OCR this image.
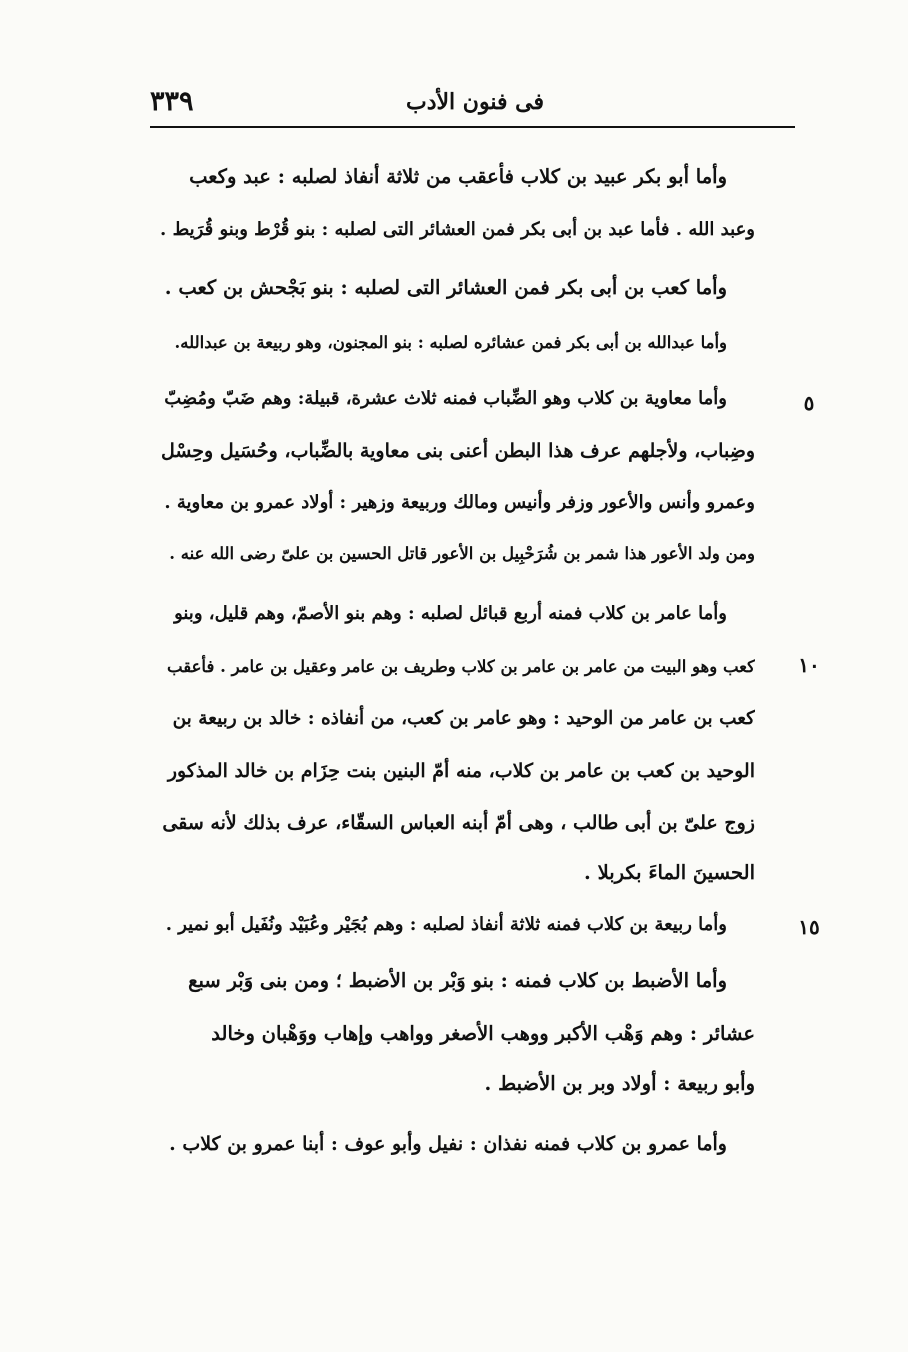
٣٣٩	فى فنون الأدب
٥
١٠
١٥
وأما أبو بكر عبيد بن كلاب فأعقب من ثلاثة أنفاذ لصلبه : عبد وكعب
وعبد الله . فأما عبد بن أبى بكر فمن العشائر التى لصلبه : بنو قُرْط وبنو قُرَيط .
وأما كعب بن أبى بكر فمن العشائر التى لصلبه : بنو بَجْحش بن كعب .
وأما عبدالله بن أبى بكر فمن عشائره لصلبه : بنو المجنون، وهو ربيعة بن عبدالله.
وأما معاوية بن كلاب وهو الضِّباب فمنه ثلاث عشرة، قبيلة: وهم ضَبّ ومُضِبّ
وضِباب، ولأجلهم عرف هذا البطن أعنى بنى معاوية بالضِّباب، وحُسَيل وحِسْل
وعمرو وأنس والأعور وزفر وأنيس ومالك وربيعة وزهير : أولاد عمرو بن معاوية .
ومن ولد الأعور هذا شمر بن شُرَحْبِيل بن الأعور قاتل الحسين بن علىّ رضى الله عنه .
وأما عامر بن كلاب فمنه أربع قبائل لصلبه : وهم بنو الأصمّ، وهم قليل، وبنو
كعب وهو البيت من عامر بن عامر بن كلاب وطريف بن عامر وعقيل بن عامر . فأعقب
كعب بن عامر من الوحيد : وهو عامر بن كعب، من أنفاذه : خالد بن ربيعة بن
الوحيد بن كعب بن عامر بن كلاب، منه أمّ البنين بنت حِزَام بن خالد المذكور
زوج علىّ بن أبى طالب ، وهى أمّ أبنه العباس السقّاء، عرف بذلك لأنه سقى
الحسينَ الماءَ بكربلا .
وأما ربيعة بن كلاب فمنه ثلاثة أنفاذ لصلبه : وهم بُجَيْر وعُبَيْد ونُفَيل أبو نمير .
وأما الأضبط بن كلاب فمنه : بنو وَبْر بن الأضبط ؛ ومن بنى وَبْر سبع
عشائر : وهم وَهْب الأكبر ووهب الأصغر وواهب وإهاب ووَهْبان وخالد
وأبو ربيعة : أولاد وبر بن الأضبط .
وأما عمرو بن كلاب فمنه نفذان : نفيل وأبو عوف : أبنا عمرو بن كلاب .
